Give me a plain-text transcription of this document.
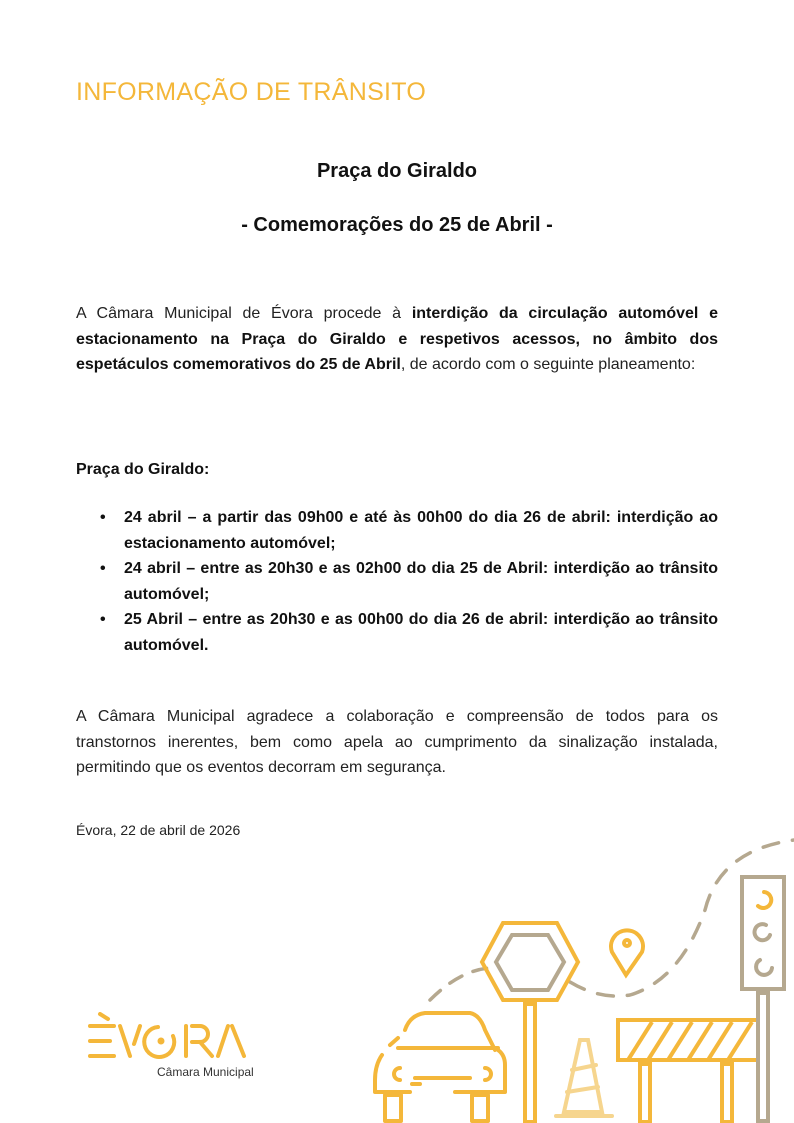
INFORMAÇÃO DE TRÂNSITO
Praça do Giraldo
- Comemorações do 25 de Abril -
A Câmara Municipal de Évora procede à interdição da circulação automóvel e estacionamento na Praça do Giraldo e respetivos acessos, no âmbito dos espetáculos comemorativos do 25 de Abril, de acordo com o seguinte planeamento:
Praça do Giraldo:
• 24 abril – a partir das 09h00 e até às 00h00 do dia 26 de abril: interdição ao estacionamento automóvel;
• 24 abril – entre as 20h30 e as 02h00 do dia 25 de Abril: interdição ao trânsito automóvel;
• 25 Abril – entre as 20h30 e as 00h00 do dia 26 de abril: interdição ao trânsito automóvel.
A Câmara Municipal agradece a colaboração e compreensão de todos para os transtornos inerentes, bem como apela ao cumprimento da sinalização instalada, permitindo que os eventos decorram em segurança.
Évora, 22 de abril de 2026
Câmara Municipal
